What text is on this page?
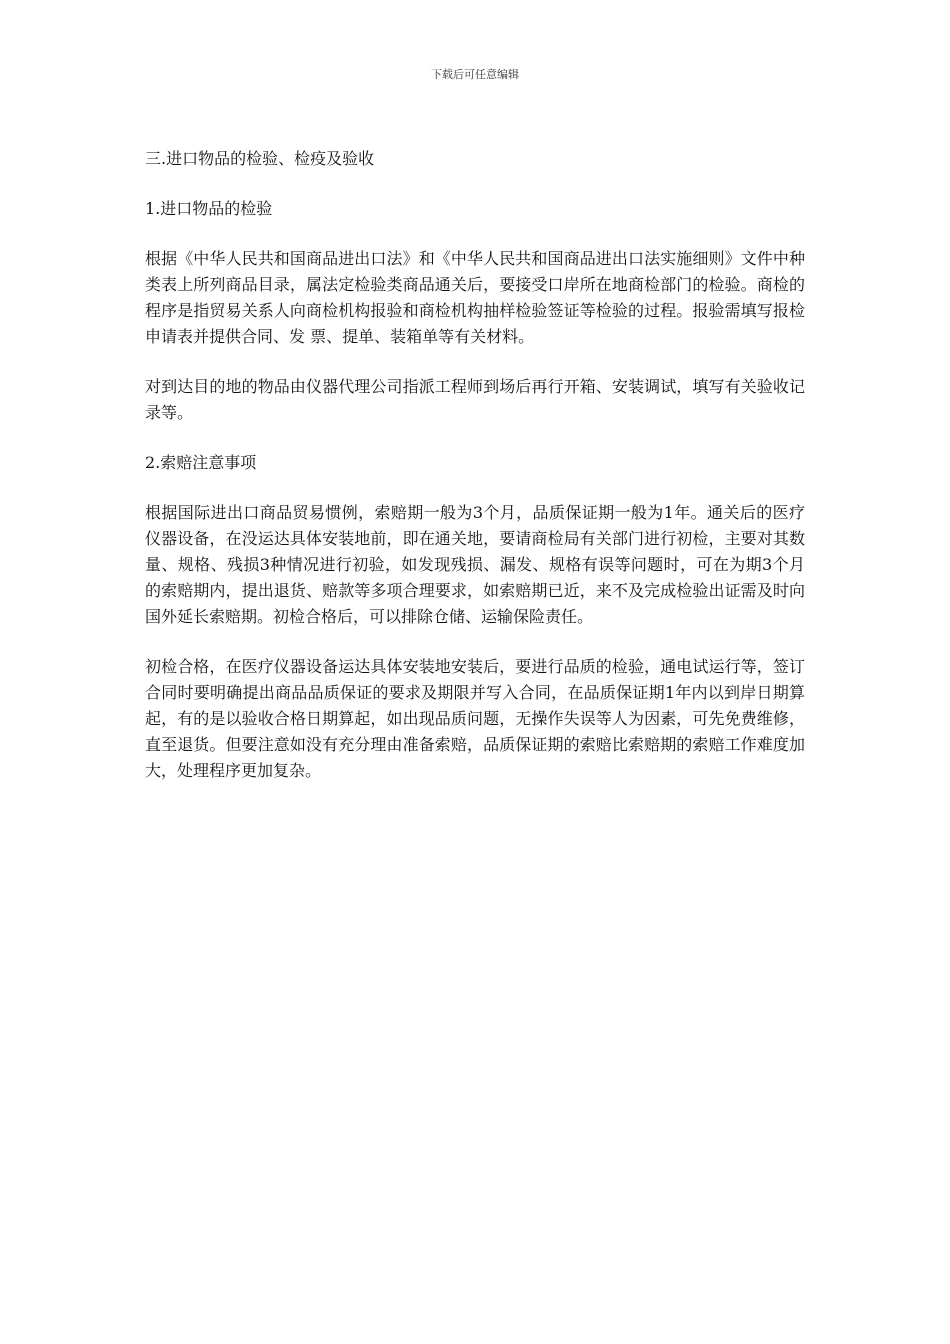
下载后可任意编辑

三.进口物品的检验、检疫及验收

1.进口物品的检验

根据《中华人民共和国商品进出口法》和《中华人民共和国商品进出口法实施细则》文件中种类表上所列商品目录，属法定检验类商品通关后，要接受口岸所在地商检部门的检验。商检的程序是指贸易关系人向商检机构报验和商检机构抽样检验签证等检验的过程。报验需填写报检申请表并提供合同、发 票、提单、装箱单等有关材料。

对到达目的地的物品由仪器代理公司指派工程师到场后再行开箱、安装调试，填写有关验收记录等。

2.索赔注意事项

根据国际进出口商品贸易惯例，索赔期一般为3个月，品质保证期一般为1年。通关后的医疗仪器设备，在没运达具体安装地前，即在通关地，要请商检局有关部门进行初检，主要对其数量、规格、残损3种情况进行初验，如发现残损、漏发、规格有误等问题时，可在为期3个月的索赔期内，提出退货、赔款等多项合理要求，如索赔期已近，来不及完成检验出证需及时向国外延长索赔期。初检合格后，可以排除仓储、运输保险责任。

初检合格，在医疗仪器设备运达具体安装地安装后，要进行品质的检验，通电试运行等，签订合同时要明确提出商品品质保证的要求及期限并写入合同，在品质保证期1年内以到岸日期算起，有的是以验收合格日期算起，如出现品质问题，无操作失误等人为因素，可先免费维修，直至退货。但要注意如没有充分理由准备索赔，品质保证期的索赔比索赔期的索赔工作难度加大，处理程序更加复杂。
